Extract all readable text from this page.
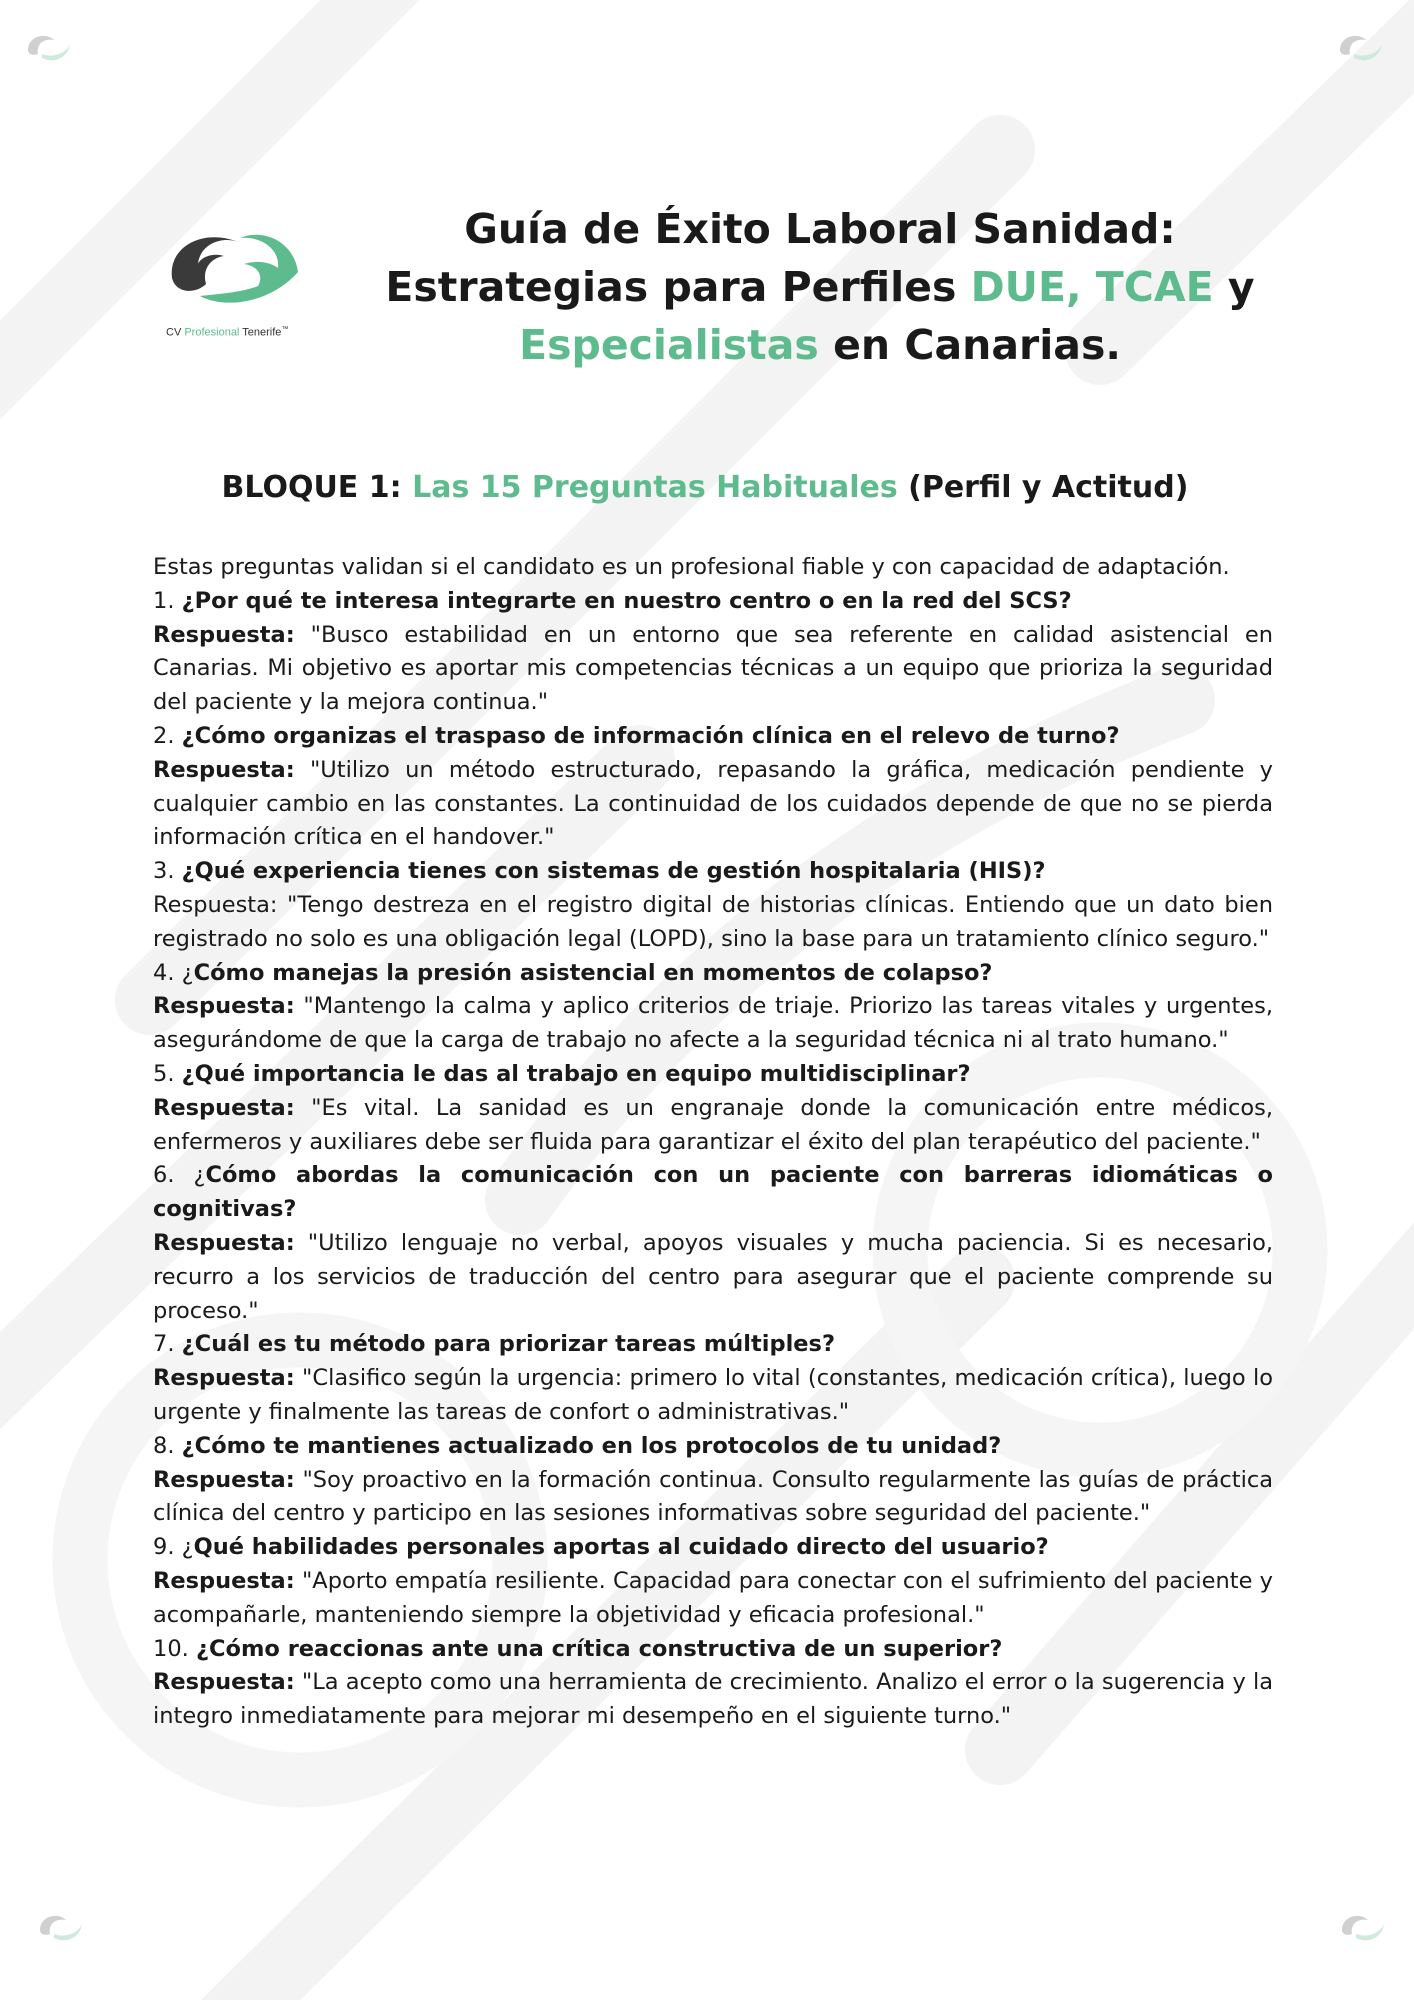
CV Profesional Tenerife™
Guía de Éxito Laboral Sanidad:
Estrategias para Perfiles DUE, TCAE y
Especialistas en Canarias.
BLOQUE 1: Las 15 Preguntas Habituales (Perfil y Actitud)

Estas preguntas validan si el candidato es un profesional fiable y con capacidad de adaptación.

1. ¿Por qué te interesa integrarte en nuestro centro o en la red del SCS?

Respuesta: "Busco estabilidad en un entorno que sea referente en calidad asistencial en Canarias. Mi objetivo es aportar mis competencias técnicas a un equipo que prioriza la seguridad del paciente y la mejora continua."

2. ¿Cómo organizas el traspaso de información clínica en el relevo de turno?

Respuesta: "Utilizo un método estructurado, repasando la gráfica, medicación pendiente y cualquier cambio en las constantes. La continuidad de los cuidados depende de que no se pierda información crítica en el handover."

3. ¿Qué experiencia tienes con sistemas de gestión hospitalaria (HIS)?

Respuesta: "Tengo destreza en el registro digital de historias clínicas. Entiendo que un dato bien registrado no solo es una obligación legal (LOPD), sino la base para un tratamiento clínico seguro."

4. ¿Cómo manejas la presión asistencial en momentos de colapso?

Respuesta: "Mantengo la calma y aplico criterios de triaje. Priorizo las tareas vitales y urgentes, asegurándome de que la carga de trabajo no afecte a la seguridad técnica ni al trato humano."

5. ¿Qué importancia le das al trabajo en equipo multidisciplinar?

Respuesta: "Es vital. La sanidad es un engranaje donde la comunicación entre médicos, enfermeros y auxiliares debe ser fluida para garantizar el éxito del plan terapéutico del paciente."

6. ¿Cómo abordas la comunicación con un paciente con barreras idiomáticas o cognitivas?

Respuesta: "Utilizo lenguaje no verbal, apoyos visuales y mucha paciencia. Si es necesario, recurro a los servicios de traducción del centro para asegurar que el paciente comprende su proceso."

7. ¿Cuál es tu método para priorizar tareas múltiples?

Respuesta: "Clasifico según la urgencia: primero lo vital (constantes, medicación crítica), luego lo urgente y finalmente las tareas de confort o administrativas."

8. ¿Cómo te mantienes actualizado en los protocolos de tu unidad?

Respuesta: "Soy proactivo en la formación continua. Consulto regularmente las guías de práctica clínica del centro y participo en las sesiones informativas sobre seguridad del paciente."

9. ¿Qué habilidades personales aportas al cuidado directo del usuario?

Respuesta: "Aporto empatía resiliente. Capacidad para conectar con el sufrimiento del paciente y acompañarle, manteniendo siempre la objetividad y eficacia profesional."

10. ¿Cómo reaccionas ante una crítica constructiva de un superior?

Respuesta: "La acepto como una herramienta de crecimiento. Analizo el error o la sugerencia y la integro inmediatamente para mejorar mi desempeño en el siguiente turno."
